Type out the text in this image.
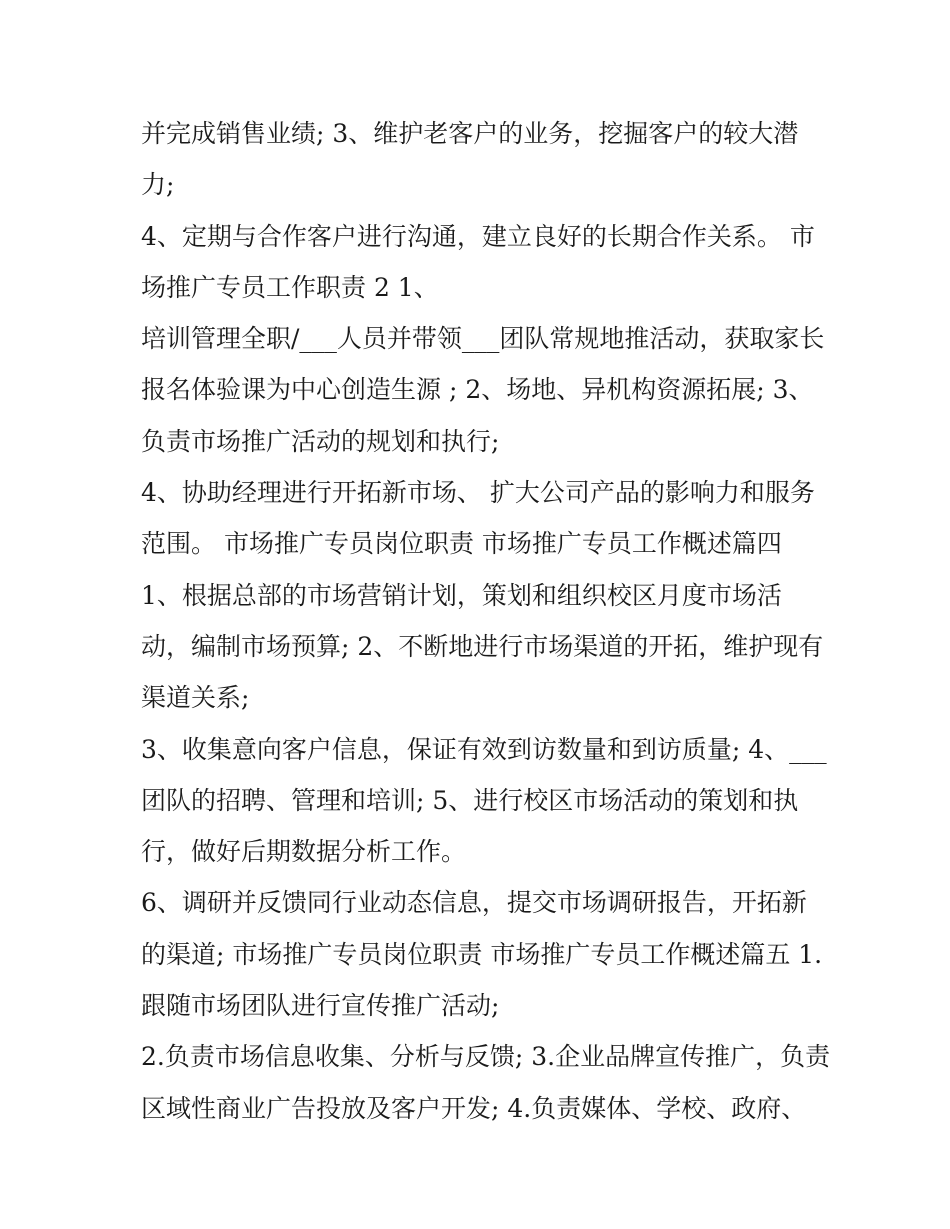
并完成销售业绩; 3、维护老客户的业务，挖掘客户的较大潜
力;
4、定期与合作客户进行沟通，建立良好的长期合作关系。 市
场推广专员工作职责 2 1、
培训管理全职/___人员并带领___团队常规地推活动，获取家长
报名体验课为中心创造生源 ; 2、场地、异机构资源拓展; 3、
负责市场推广活动的规划和执行;
4、协助经理进行开拓新市场、 扩大公司产品的影响力和服务
范围。 市场推广专员岗位职责 市场推广专员工作概述篇四
1、根据总部的市场营销计划，策划和组织校区月度市场活
动，编制市场预算; 2、不断地进行市场渠道的开拓，维护现有
渠道关系;
3、收集意向客户信息，保证有效到访数量和到访质量; 4、___
团队的招聘、管理和培训; 5、进行校区市场活动的策划和执
行，做好后期数据分析工作。
6、调研并反馈同行业动态信息，提交市场调研报告，开拓新
的渠道; 市场推广专员岗位职责 市场推广专员工作概述篇五 1.
跟随市场团队进行宣传推广活动;
2.负责市场信息收集、分析与反馈; 3.企业品牌宣传推广，负责
区域性商业广告投放及客户开发; 4.负责媒体、学校、政府、
